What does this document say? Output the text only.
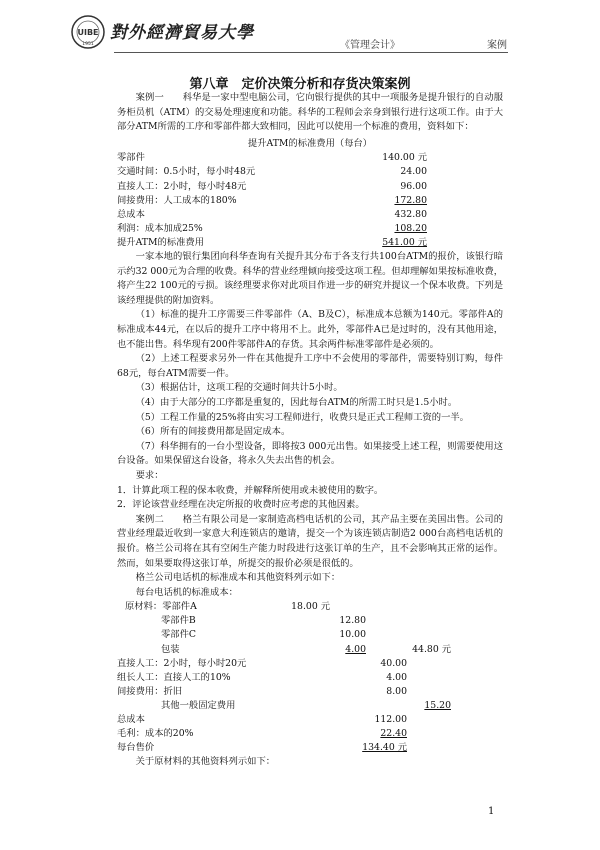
UIBE
1951
對外經濟貿易大學
《管理会计》	案例
第八章　定价决策分析和存货决策案例

案例一　　科华是一家中型电脑公司，它向银行提供的其中一项服务是提升银行的自动服务柜员机（ATM）的交易处理速度和功能。科华的工程师会亲身到银行进行这项工作。由于大部分ATM所需的工序和零部件都大致相同，因此可以使用一个标准的费用，资料如下：

提升ATM的标准费用（每台）
零部件	140.00 元
交通时间：0.5小时，每小时48元	24.00
直接人工：2小时，每小时48元	96.00
间接费用：人工成本的180%	172.80
总成本	432.80
利润：成本加成25%	108.20
提升ATM的标准费用	541.00 元

一家本地的银行集团向科华查询有关提升其分布于各支行共100台ATM的报价，该银行暗示约32 000元为合理的收费。科华的营业经理倾向接受这项工程。但却理解如果按标准收费，将产生22 100元的亏损。该经理要求你对此项目作进一步的研究并提议一个保本收费。下列是该经理提供的附加资料。

（1）标准的提升工序需要三件零部件（A、B及C），标准成本总额为140元。零部件A的标准成本44元，在以后的提升工序中将用不上。此外，零部件A已是过时的，没有其他用途，也不能出售。科华现有200件零部件A的存货。其余两件标准零部件是必须的。

（2）上述工程要求另外一件在其他提升工序中不会使用的零部件，需要特别订购，每件68元，每台ATM需要一件。

（3）根据估计，这项工程的交通时间共计5小时。

（4）由于大部分的工序都是重复的，因此每台ATM的所需工时只是1.5小时。

（5）工程工作量的25%将由实习工程师进行，收费只是正式工程师工资的一半。

（6）所有的间接费用都是固定成本。

（7）科华拥有的一台小型设备，即将按3 000元出售。如果接受上述工程，则需要使用这台设备。如果保留这台设备，将永久失去出售的机会。

要求：

1．计算此项工程的保本收费，并解释所使用或未被使用的数字。

2．评论该营业经理在决定所报的收费时应考虑的其他因素。

案例二　　格兰有限公司是一家制造高档电话机的公司，其产品主要在美国出售。公司的营业经理最近收到一家意大利连锁店的邀请，提交一个为该连锁店制造2 000台高档电话机的报价。格兰公司将在其有空闲生产能力时段进行这张订单的生产，且不会影响其正常的运作。然而，如果要取得这张订单，所提交的报价必须是很低的。

格兰公司电话机的标准成本和其他资料列示如下：

每台电话机的标准成本：

原材料：零部件A	18.00 元
零部件B	12.80
零部件C	10.00
包装	4.00	44.80 元
直接人工：2小时，每小时20元	40.00
组长人工：直接人工的10%	4.00
间接费用：折旧	8.00
其他一般固定费用	15.20
总成本	112.00
毛利：成本的20%	22.40
每台售价	134.40 元

关于原材料的其他资料列示如下：

1
